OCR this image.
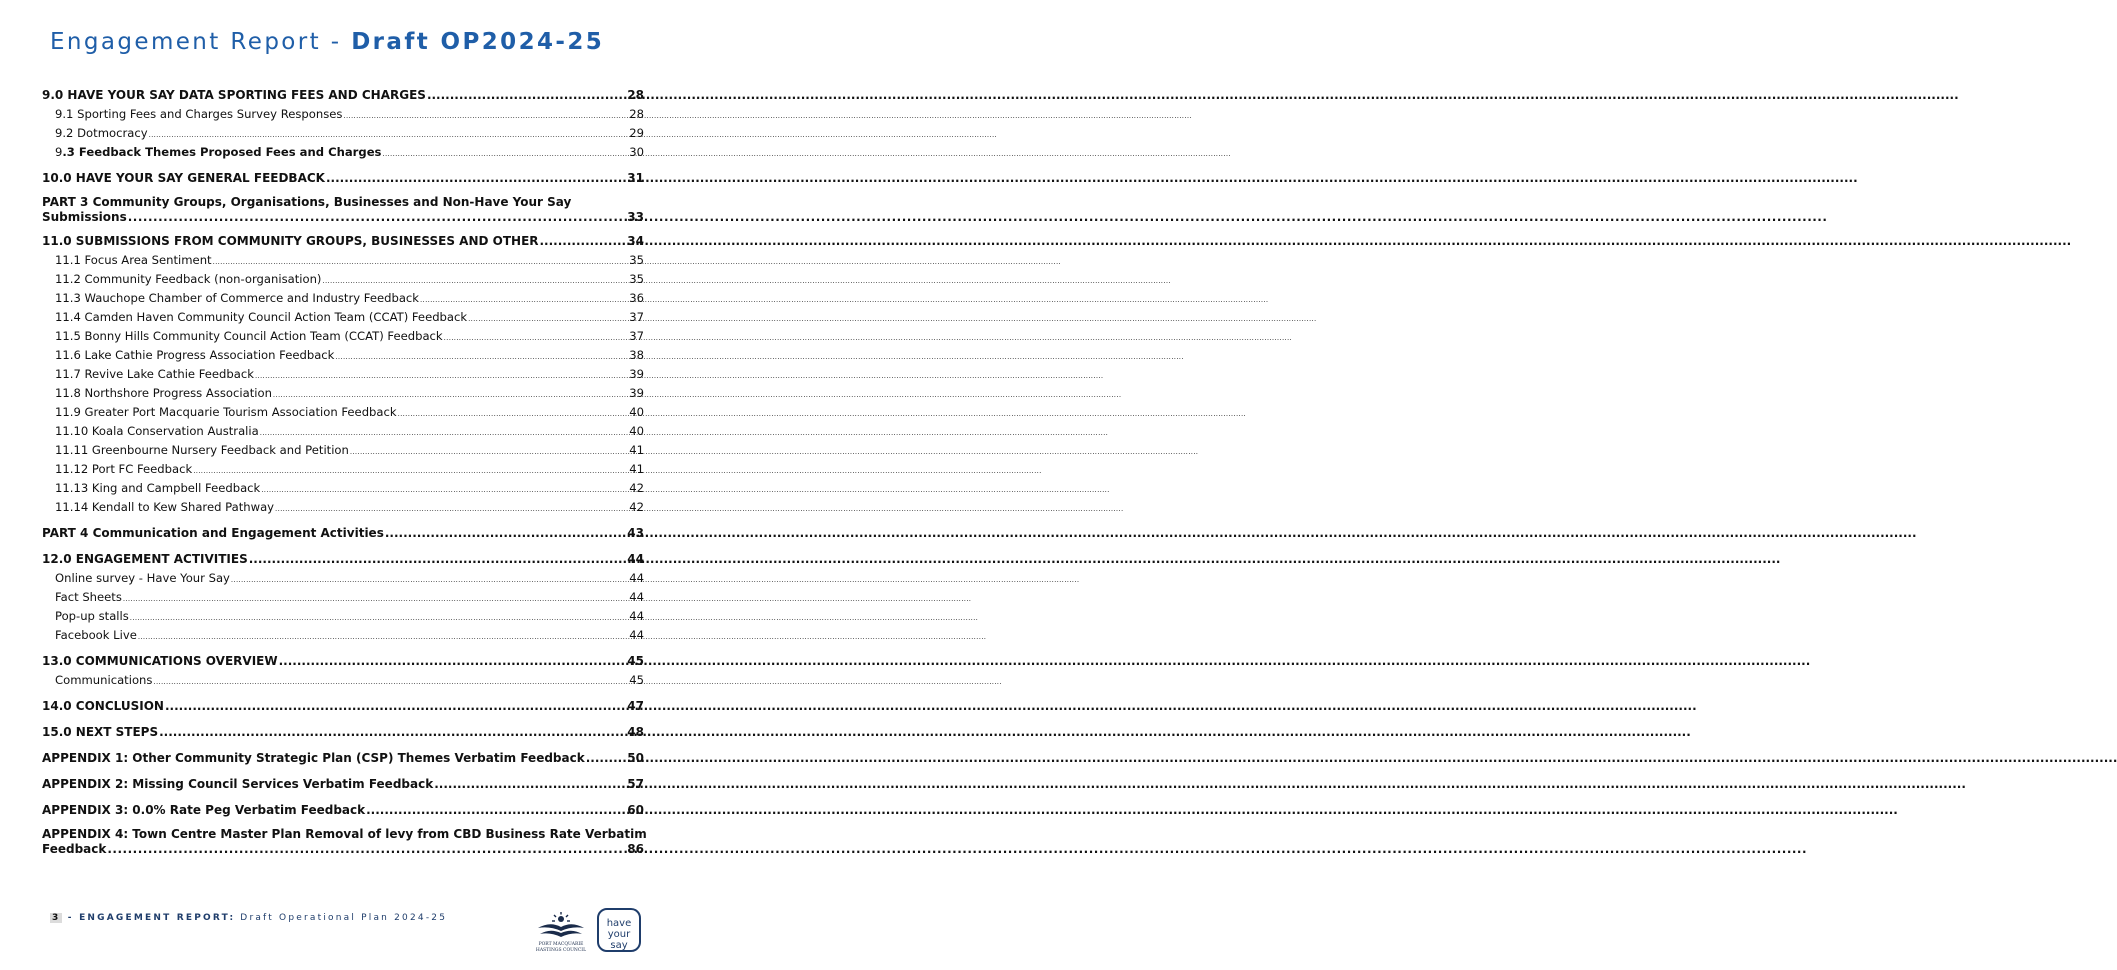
Engagement Report - Draft OP2024-25
9.0 HAVE YOUR SAY DATA SPORTING FEES AND CHARGES .....	28
9.1 Sporting Fees and Charges Survey Responses .....	28
9.2 Dotmocracy .....	29
9.3 Feedback Themes Proposed Fees and Charges .....	30
10.0 HAVE YOUR SAY GENERAL FEEDBACK .....	31
PART 3 Community Groups, Organisations, Businesses and Non-Have Your Say
Submissions .....	33
11.0 SUBMISSIONS FROM COMMUNITY GROUPS, BUSINESSES AND OTHER .....	34
11.1 Focus Area Sentiment .....	35
11.2 Community Feedback (non-organisation) .....	35
11.3 Wauchope Chamber of Commerce and Industry Feedback .....	36
11.4 Camden Haven Community Council Action Team (CCAT) Feedback .....	37
11.5 Bonny Hills Community Council Action Team (CCAT) Feedback .....	37
11.6 Lake Cathie Progress Association Feedback .....	38
11.7 Revive Lake Cathie Feedback .....	39
11.8 Northshore Progress Association .....	39
11.9 Greater Port Macquarie Tourism Association Feedback .....	40
11.10 Koala Conservation Australia .....	40
11.11 Greenbourne Nursery Feedback and Petition .....	41
11.12 Port FC Feedback .....	41
11.13 King and Campbell Feedback .....	42
11.14 Kendall to Kew Shared Pathway .....	42
PART 4 Communication and Engagement Activities .....	43
12.0 ENGAGEMENT ACTIVITIES .....	44
Online survey - Have Your Say .....	44
Fact Sheets .....	44
Pop-up stalls .....	44
Facebook Live .....	44
13.0 COMMUNICATIONS OVERVIEW .....	45
Communications .....	45
14.0 CONCLUSION .....	47
15.0 NEXT STEPS .....	48
APPENDIX 1: Other Community Strategic Plan (CSP) Themes Verbatim Feedback .....	50
APPENDIX 2: Missing Council Services Verbatim Feedback .....	57
APPENDIX 3: 0.0% Rate Peg Verbatim Feedback .....	60
APPENDIX 4: Town Centre Master Plan Removal of levy from CBD Business Rate Verbatim
Feedback .....	86
3 - ENGAGEMENT REPORT: Draft Operational Plan 2024-25
PORT MACQUARIE
HASTINGS COUNCIL
have
your say
